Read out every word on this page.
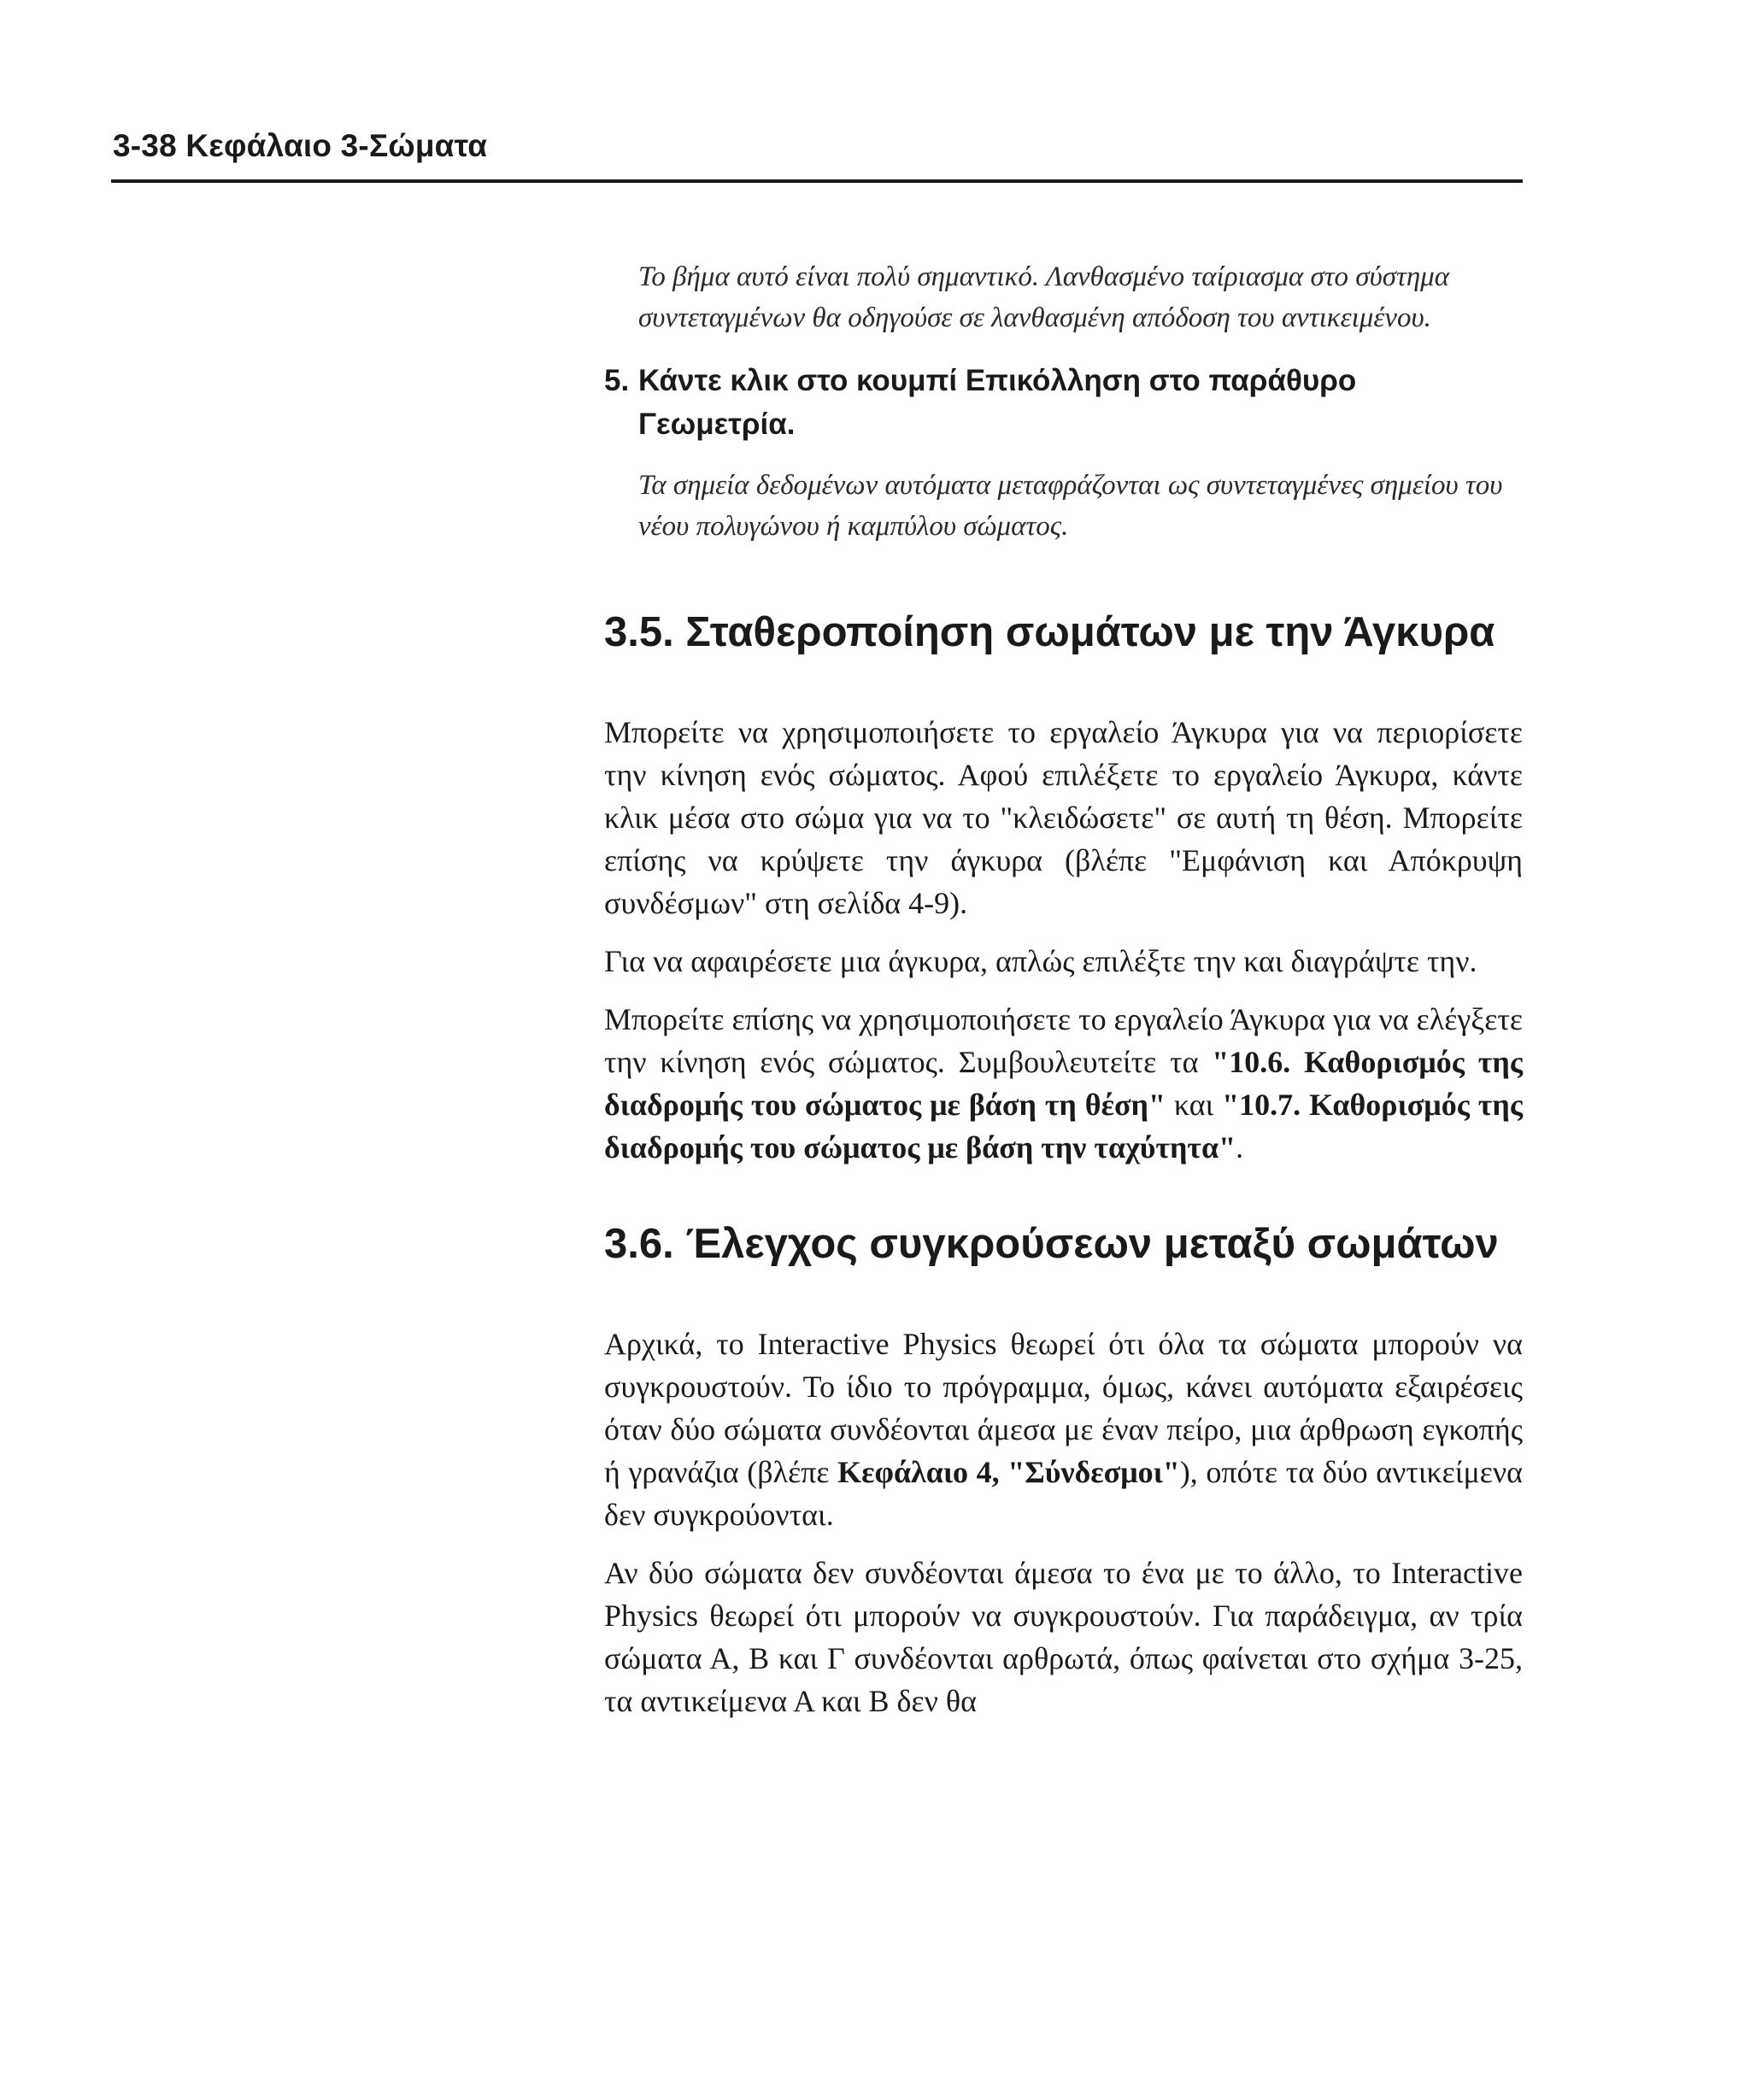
3-38 Κεφάλαιο 3-Σώματα

Το βήμα αυτό είναι πολύ σημαντικό. Λανθασμένο ταίριασμα στο σύστημα συντεταγμένων θα οδηγούσε σε λανθασμένη απόδοση του αντικειμένου.

5. Κάντε κλικ στο κουμπί Επικόλληση στο παράθυρο Γεωμετρία.

Τα σημεία δεδομένων αυτόματα μεταφράζονται ως συντεταγμένες σημείου του νέου πολυγώνου ή καμπύλου σώματος.

3.5. Σταθεροποίηση σωμάτων με την Άγκυρα

Μπορείτε να χρησιμοποιήσετε το εργαλείο Άγκυρα για να περιορίσετε την κίνηση ενός σώματος. Αφού επιλέξετε το εργαλείο Άγκυρα, κάντε κλικ μέσα στο σώμα για να το "κλειδώσετε" σε αυτή τη θέση. Μπορείτε επίσης να κρύψετε την άγκυρα (βλέπε "Εμφάνιση και Απόκρυψη συνδέσμων" στη σελίδα 4-9).

Για να αφαιρέσετε μια άγκυρα, απλώς επιλέξτε την και διαγράψτε την.

Μπορείτε επίσης να χρησιμοποιήσετε το εργαλείο Άγκυρα για να ελέγξετε την κίνηση ενός σώματος. Συμβουλευτείτε τα "10.6. Καθορισμός της διαδρομής του σώματος με βάση τη θέση" και "10.7. Καθορισμός της διαδρομής του σώματος με βάση την ταχύτητα".

3.6. Έλεγχος συγκρούσεων μεταξύ σωμάτων

Αρχικά, το Interactive Physics θεωρεί ότι όλα τα σώματα μπορούν να συγκρουστούν. Το ίδιο το πρόγραμμα, όμως, κάνει αυτόματα εξαιρέσεις όταν δύο σώματα συνδέονται άμεσα με έναν πείρο, μια άρθρωση εγκοπής ή γρανάζια (βλέπε Κεφάλαιο 4, "Σύνδεσμοι"), οπότε τα δύο αντικείμενα δεν συγκρούονται.

Αν δύο σώματα δεν συνδέονται άμεσα το ένα με το άλλο, το Interactive Physics θεωρεί ότι μπορούν να συγκρουστούν. Για παράδειγμα, αν τρία σώματα Α, Β και Γ συνδέονται αρθρωτά, όπως φαίνεται στο σχήμα 3-25, τα αντικείμενα Α και Β δεν θα
